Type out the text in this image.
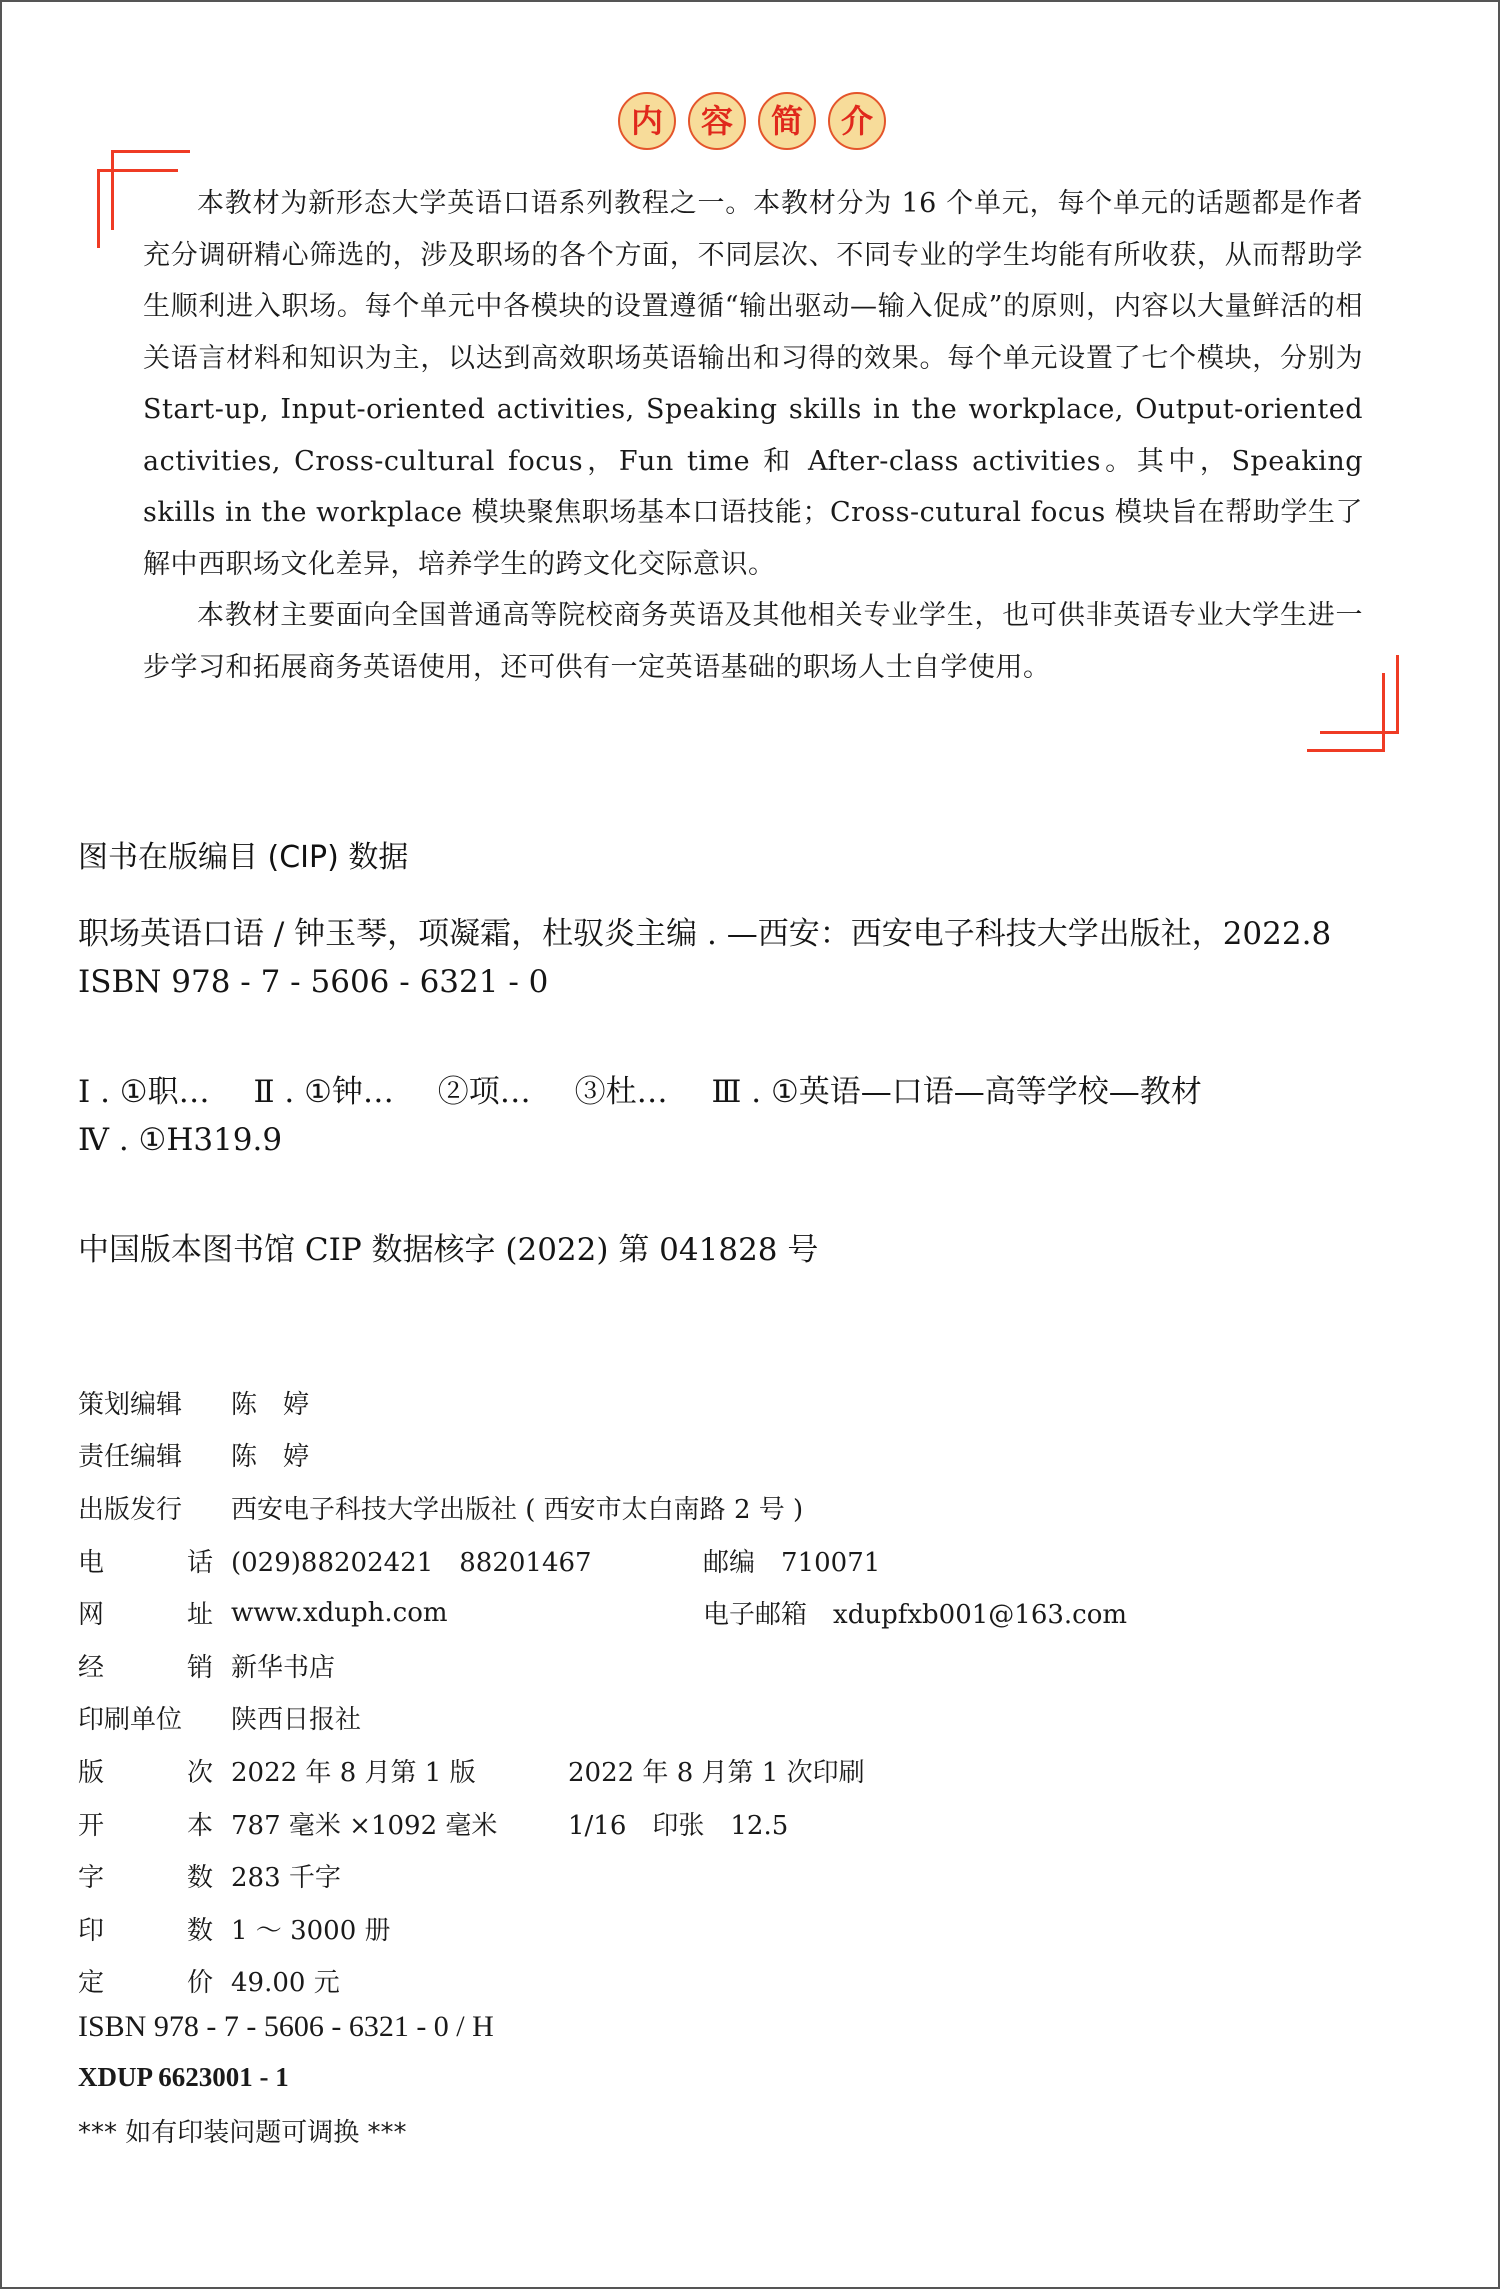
内	容	简	介

本教材为新形态大学英语口语系列教程之一。本教材分为 16 个单元，每个单元的话题都是作者充分调研精心筛选的，涉及职场的各个方面，不同层次、不同专业的学生均能有所收获，从而帮助学生顺利进入职场。每个单元中各模块的设置遵循“输出驱动—输入促成”的原则，内容以大量鲜活的相关语言材料和知识为主，以达到高效职场英语输出和习得的效果。每个单元设置了七个模块，分别为 Start-up, Input-oriented activities, Speaking skills in the workplace, Output-oriented activities, Cross-cultural focus，Fun time 和 After-class activities。其中，Speaking skills in the workplace 模块聚焦职场基本口语技能；Cross-cutural focus 模块旨在帮助学生了解中西职场文化差异，培养学生的跨文化交际意识。

本教材主要面向全国普通高等院校商务英语及其他相关专业学生，也可供非英语专业大学生进一步学习和拓展商务英语使用，还可供有一定英语基础的职场人士自学使用。

图书在版编目 (CIP) 数据
职场英语口语 / 钟玉琴，项凝霜，杜驭炎主编 . —西安：西安电子科技大学出版社，2022.8
ISBN 978 - 7 - 5606 - 6321 - 0
Ⅰ . ①职… Ⅱ . ①钟… ②项… ③杜… Ⅲ . ①英语—口语—高等学校—教材
Ⅳ . ①H319.9
中国版本图书馆 CIP 数据核字 (2022) 第 041828 号
策划编辑	陈　婷
责任编辑	陈　婷
出版发行	西安电子科技大学出版社 ( 西安市太白南路 2 号 )
电	话 (029)88202421　88201467	邮编　 710071
网	址 www.xduph.com	电子邮箱　 xdupfxb001@163.com
经	销 新华书店
印刷单位	陕西日报社
版	次 2022 年 8 月第 1 版	2022 年 8 月第 1 次印刷
开	本 787 毫米 ×1092 毫米	1/16　印张　12.5
字	数 283 千字
印	数 1 ～ 3000 册
定	价 49.00 元
ISBN 978 - 7 - 5606 - 6321 - 0 / H
XDUP 6623001 - 1
*** 如有印装问题可调换 ***
